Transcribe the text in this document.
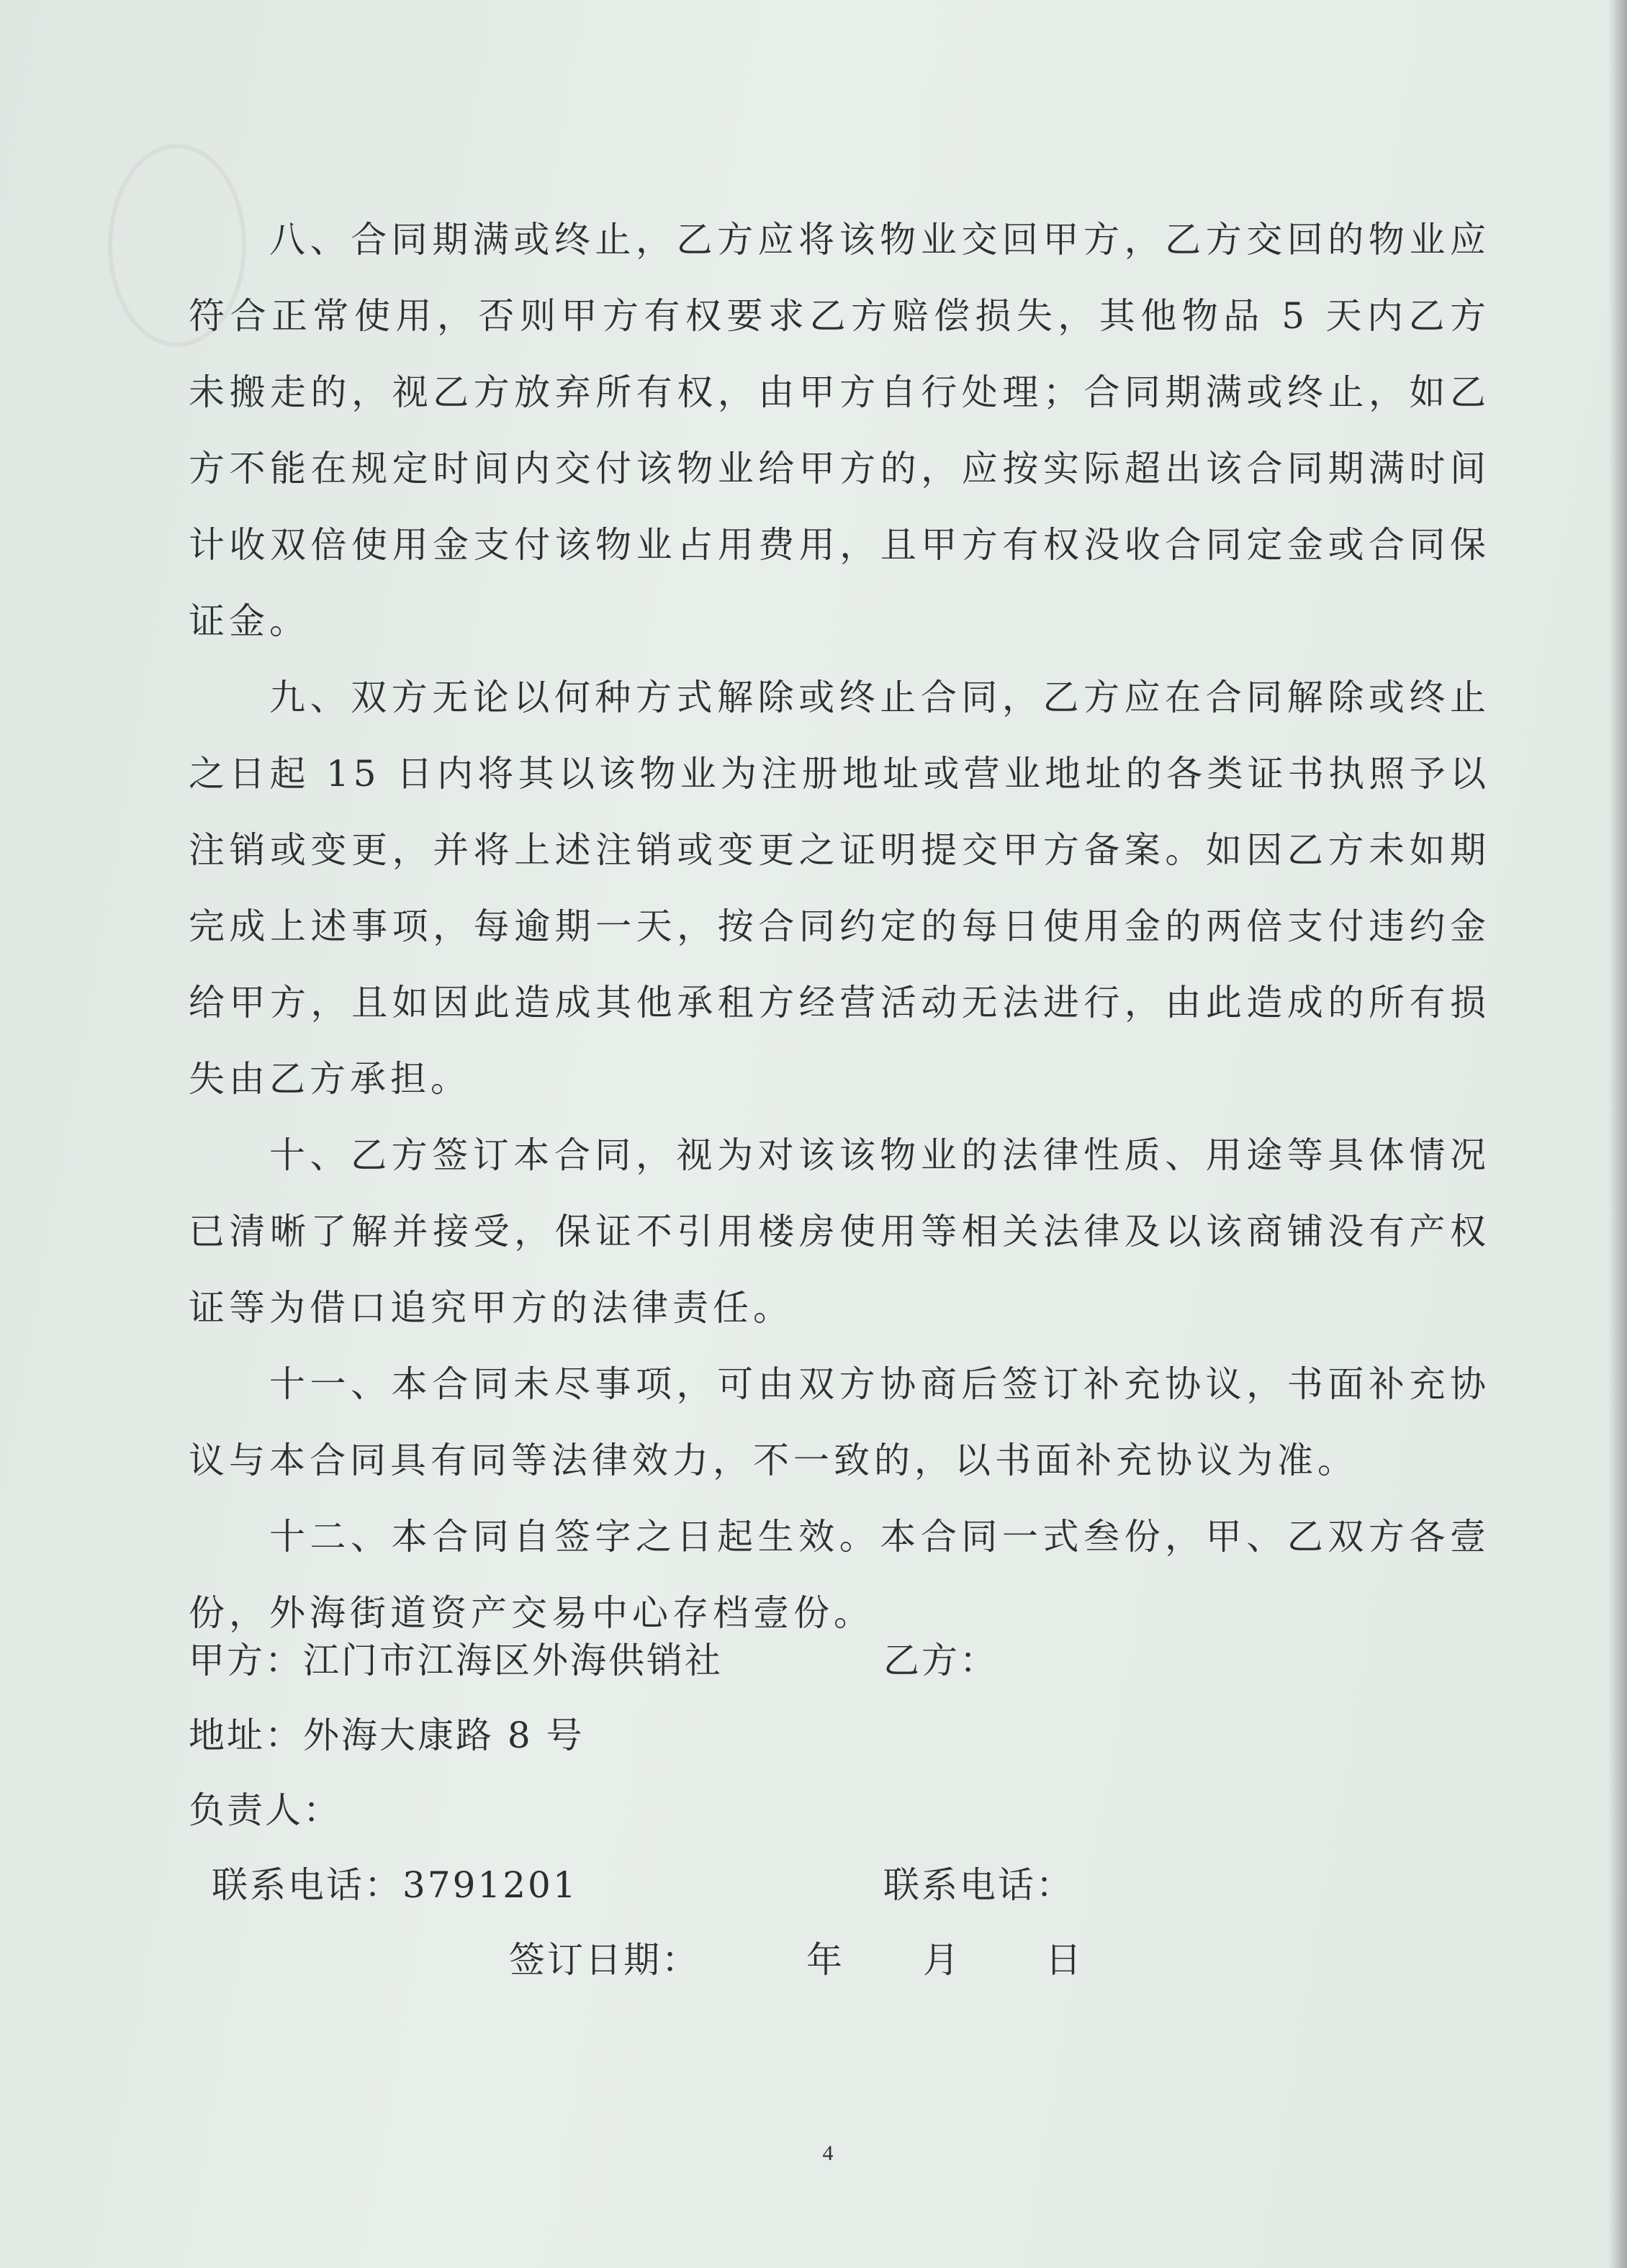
八、合同期满或终止，乙方应将该物业交回甲方，乙方交回的物业应符合正常使用，否则甲方有权要求乙方赔偿损失，其他物品 5 天内乙方未搬走的，视乙方放弃所有权，由甲方自行处理；合同期满或终止，如乙方不能在规定时间内交付该物业给甲方的，应按实际超出该合同期满时间计收双倍使用金支付该物业占用费用，且甲方有权没收合同定金或合同保证金。

九、双方无论以何种方式解除或终止合同，乙方应在合同解除或终止之日起 15 日内将其以该物业为注册地址或营业地址的各类证书执照予以注销或变更，并将上述注销或变更之证明提交甲方备案。如因乙方未如期完成上述事项，每逾期一天，按合同约定的每日使用金的两倍支付违约金给甲方，且如因此造成其他承租方经营活动无法进行，由此造成的所有损失由乙方承担。

十、乙方签订本合同，视为对该该物业的法律性质、用途等具体情况已清晰了解并接受，保证不引用楼房使用等相关法律及以该商铺没有产权证等为借口追究甲方的法律责任。

十一、本合同未尽事项，可由双方协商后签订补充协议，书面补充协议与本合同具有同等法律效力，不一致的，以书面补充协议为准。

十二、本合同自签字之日起生效。本合同一式叁份，甲、乙双方各壹份，外海街道资产交易中心存档壹份。

甲方：江门市江海区外海供销社	乙方：
地址：外海大康路 8 号
负责人：
联系电话：3791201	联系电话：
签订日期：	年 月 日
4
